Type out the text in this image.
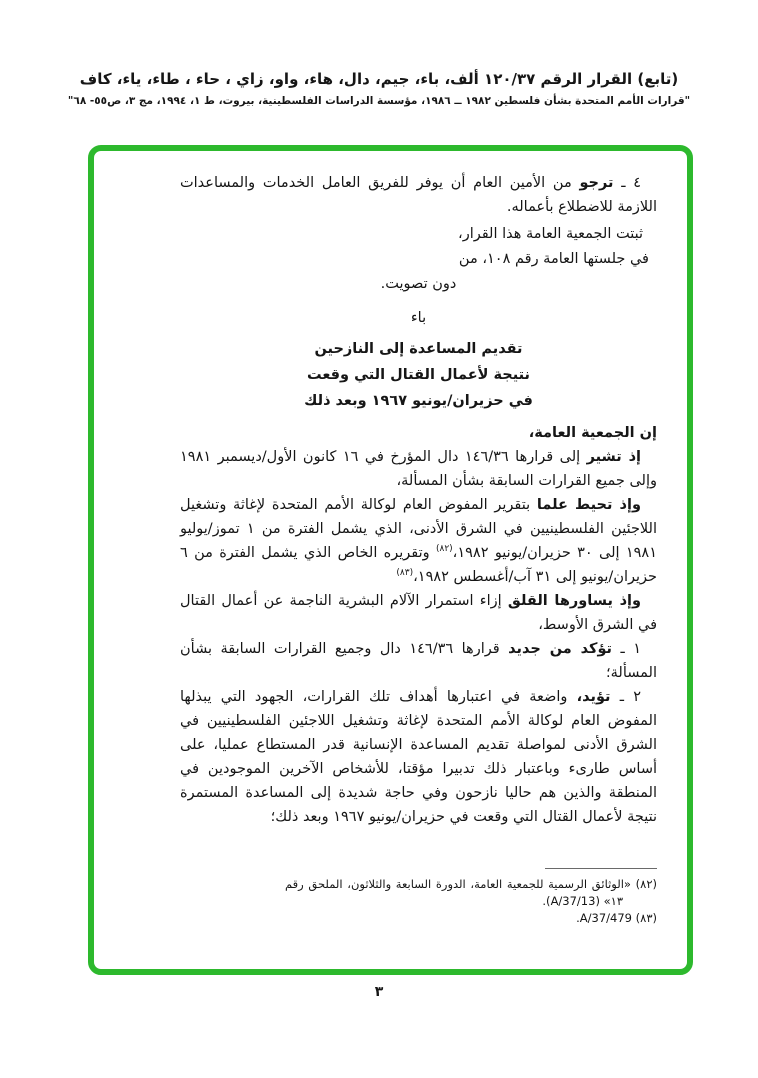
(تابع) القرار الرقم ١٢٠/٣٧ ألف، باء، جيم، دال، هاء، واو، زاي ، حاء ، طاء، ياء، كاف
"قرارات الأمم المتحدة بشأن فلسطين ١٩٨٢ ــ ١٩٨٦، مؤسسة الدراسات الفلسطينية، بيروت، ط ١، ١٩٩٤، مج ٣، ص٥٥- ٦٨"

٤ ـ ترجو من الأمين العام أن يوفر للفريق العامل الخدمات والمساعدات اللازمة للاضطلاع بأعماله.

ثبتت الجمعية العامة هذا القرار،

في جلستها العامة رقم ١٠٨، من

دون تصويت.

باء

تقديم المساعدة إلى النازحين

نتيجة لأعمال القتال التي وقعت

في حزيران/يونيو ١٩٦٧ وبعد ذلك

إن الجمعية العامة،

إذ تشير إلى قرارها ١٤٦/٣٦ دال المؤرخ في ١٦ كانون الأول/ديسمبر ١٩٨١ وإلى جميع القرارات السابقة بشأن المسألة،

وإذ تحيط علما بتقرير المفوض العام لوكالة الأمم المتحدة لإغاثة وتشغيل اللاجئين الفلسطينيين في الشرق الأدنى، الذي يشمل الفترة من ١ تموز/يوليو ١٩٨١ إلى ٣٠ حزيران/يونيو ١٩٨٢،$^{(٨٢)}$ وتقريره الخاص الذي يشمل الفترة من ٦ حزيران/يونيو إلى ٣١ آب/أغسطس ١٩٨٢،$^{(٨٣)}$

وإذ يساورها القلق إزاء استمرار الآلام البشرية الناجمة عن أعمال القتال في الشرق الأوسط،

١ ـ تؤكد من جديد قرارها ١٤٦/٣٦ دال وجميع القرارات السابقة بشأن المسألة؛

٢ ـ تؤيد، واضعة في اعتبارها أهداف تلك القرارات، الجهود التي يبذلها المفوض العام لوكالة الأمم المتحدة لإغاثة وتشغيل اللاجئين الفلسطينيين في الشرق الأدنى لمواصلة تقديم المساعدة الإنسانية قدر المستطاع عمليا، على أساس طارىء وباعتبار ذلك تدبيرا مؤقتا، للأشخاص الآخرين الموجودين في المنطقة والذين هم حاليا نازحون وفي حاجة شديدة إلى المساعدة المستمرة نتيجة لأعمال القتال التي وقعت في حزيران/يونيو ١٩٦٧ وبعد ذلك؛

(٨٢) «الوثائق الرسمية للجمعية العامة، الدورة السابعة والثلاثون، الملحق رقم ١٣» (A/37/13).

(٨٣) A/37/479.

٣
